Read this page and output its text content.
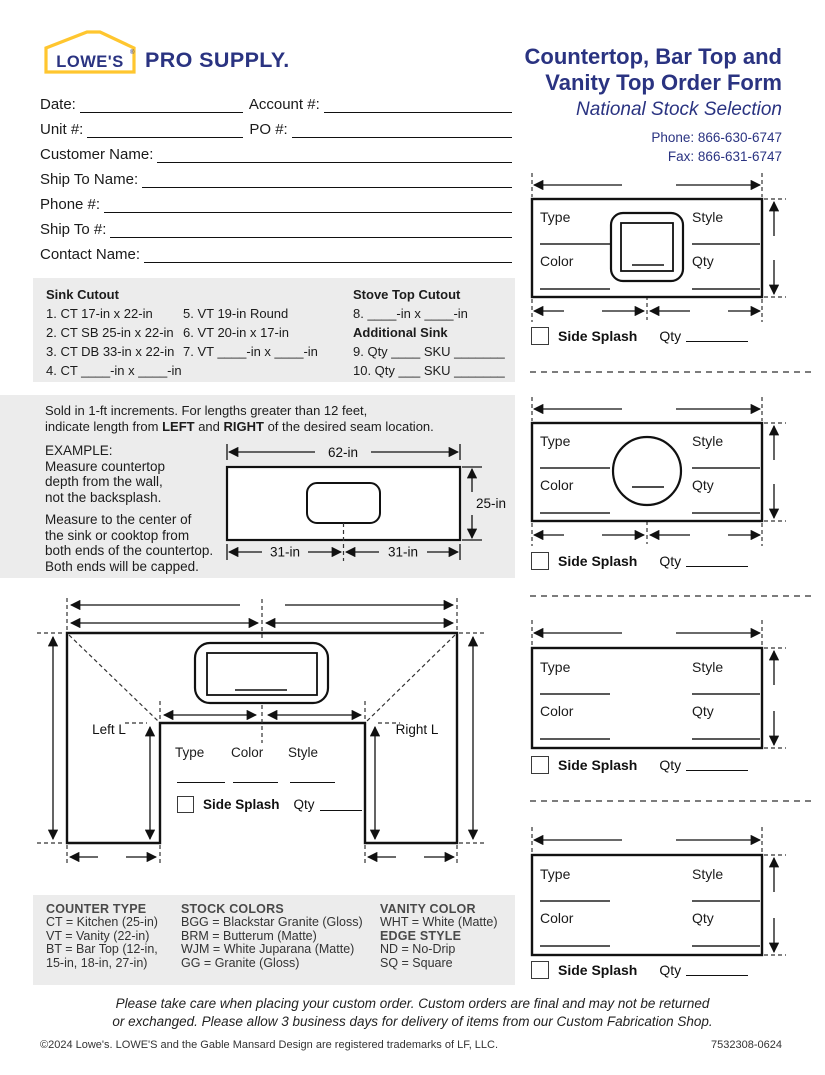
LOWE'S ® PRO SUPPLY.	Countertop, Bar Top and
Vanity Top Order Form
National Stock Selection
Phone: 866-630-6747
Fax: 866-631-6747
Date:	Account #:
Unit #:	PO #:
Customer Name:
Ship To Name:
Phone #:
Ship To #:
Contact Name:
Sink Cutout
1. CT 17-in x 22-in
2. CT SB 25-in x 22-in
3. CT DB 33-in x 22-in
4. CT ____-in x ____-in
5. VT 19-in Round
6. VT 20-in x 17-in
7. VT ____-in x ____-in
Stove Top Cutout
8. ____-in x ____-in
Additional Sink
9. Qty ____ SKU _______
10. Qty ___ SKU _______
Sold in 1-ft increments. For lengths greater than 12 feet,
indicate length from LEFT and RIGHT of the desired seam location.
EXAMPLE:
Measure countertop
depth from the wall,
not the backsplash.
Measure to the center of
the sink or cooktop from
both ends of the countertop.
Both ends will be capped.
62-in
25-in
31-in	31-in
Left L	Right L
Type Color Style
Side Splash Qty
Type	Style
Color	Qty
Side Splash Qty
Type	Style
Color	Qty
Side Splash Qty
Type	Style
Color	Qty
Side Splash Qty
Type	Style
Color	Qty
Side Splash Qty
COUNTER TYPE
CT = Kitchen (25-in)
VT = Vanity (22-in)
BT = Bar Top (12-in,
15-in, 18-in, 27-in)
STOCK COLORS
BGG = Blackstar Granite (Gloss)
BRM = Butterum (Matte)
WJM = White Juparana (Matte)
GG = Granite (Gloss)
VANITY COLOR
WHT = White (Matte)
EDGE STYLE
ND = No-Drip
SQ = Square
Please take care when placing your custom order. Custom orders are final and may not be returned
or exchanged. Please allow 3 business days for delivery of items from our Custom Fabrication Shop.
©2024 Lowe's. LOWE'S and the Gable Mansard Design are registered trademarks of LF, LLC.	7532308-0624
